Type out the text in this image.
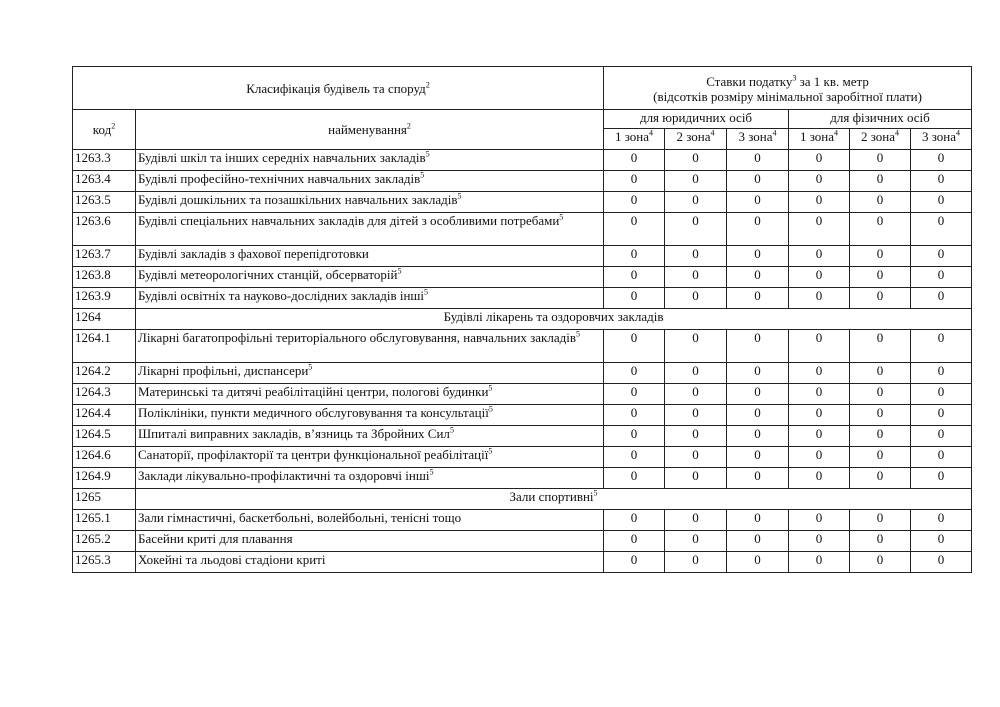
Класифікація будівель та споруд$^2$		Ставки податку$^3$ за 1 кв. метр
(відсотків розміру мінімальної заробітної плати)					

код$^2$	найменування$^2$	для юридичних осіб			для фізичних осіб		
		1 зона$^4$	2 зона$^4$	3 зона$^4$	1 зона$^4$	2 зона$^4$	3 зона$^4$
1263.3	Будівлі шкіл та інших середніх навчальних закладів$^5$	0	0	0	0	0	0
1263.4	Будівлі професійно-технічних навчальних закладів$^5$	0	0	0	0	0	0
1263.5	Будівлі дошкільних та позашкільних навчальних закладів$^5$	0	0	0	0	0	0
1263.6	Будівлі спеціальних навчальних закладів для дітей з особливими потребами$^5$	0	0	0	0	0	0
1263.7	Будівлі закладів з фахової перепідготовки	0	0	0	0	0	0
1263.8	Будівлі метеорологічних станцій, обсерваторій$^5$	0	0	0	0	0	0
1263.9	Будівлі освітніх та науково-дослідних закладів інші$^5$	0	0	0	0	0	0
1264	Будівлі лікарень та оздоровчих закладів						
1264.1	Лікарні багатопрофільні територіального обслуговування, навчальних закладів$^5$	0	0	0	0	0	0
1264.2	Лікарні профільні, диспансери$^5$	0	0	0	0	0	0
1264.3	Материнські та дитячі реабілітаційні центри, пологові будинки$^5$	0	0	0	0	0	0
1264.4	Поліклініки, пункти медичного обслуговування та консультації$^5$	0	0	0	0	0	0
1264.5	Шпиталі виправних закладів, в’язниць та Збройних Сил$^5$	0	0	0	0	0	0
1264.6	Санаторії, профілакторії та центри функціональної реабілітації$^5$	0	0	0	0	0	0
1264.9	Заклади лікувально-профілактичні та оздоровчі інші$^5$	0	0	0	0	0	0
1265	Зали спортивні$^5$
1265.1	Зали гімнастичні, баскетбольні, волейбольні, тенісні тощо	0	0	0	0	0	0
1265.2	Басейни криті для плавання	0	0	0	0	0	0
1265.3	Хокейні та льодові стадіони криті	0	0	0	0	0	0
